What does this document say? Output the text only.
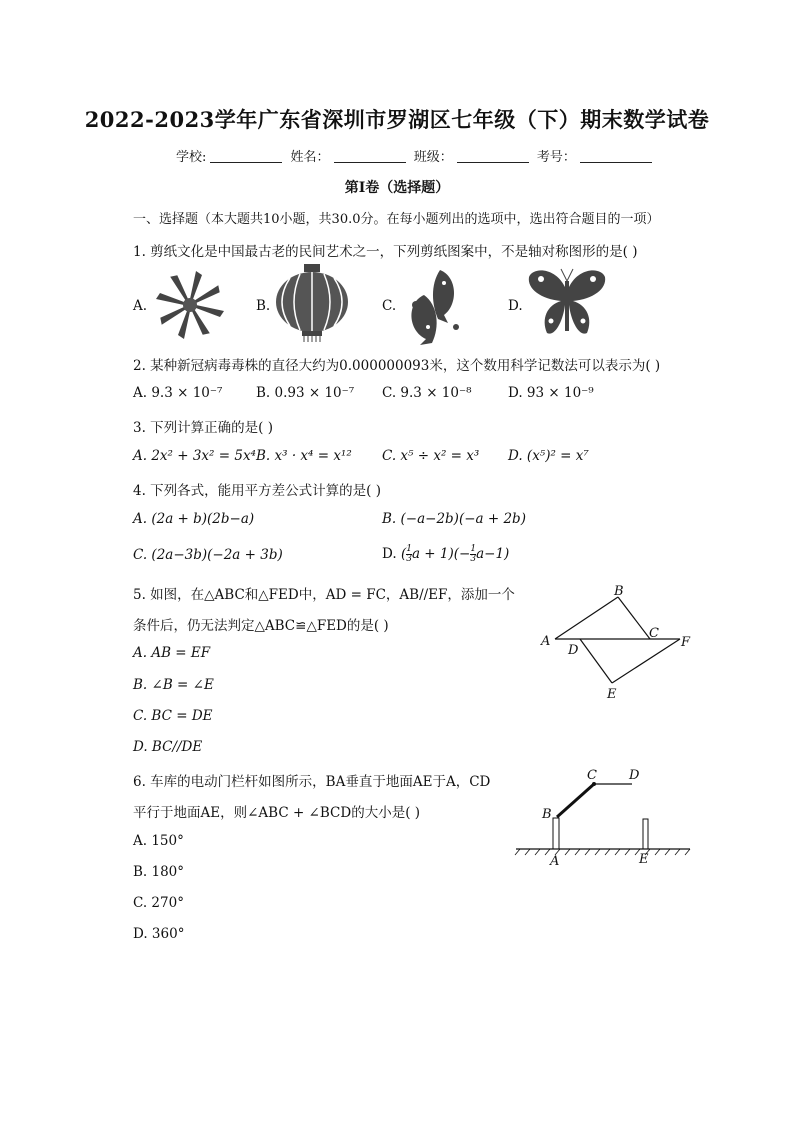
2022-2023学年广东省深圳市罗湖区七年级（下）期末数学试卷
学校:	姓名：	班级：	考号：
第I卷（选择题）
一、选择题（本大题共10小题，共30.0分。在每小题列出的选项中，选出符合题目的一项）
1. 剪纸文化是中国最古老的民间艺术之一，下列剪纸图案中，不是轴对称图形的是( )
A.	B.	C.	D.
2. 某种新冠病毒毒株的直径大约为0.000000093米，这个数用科学记数法可以表示为( )
A. 9.3 × 10⁻⁷ B. 0.93 × 10⁻⁷ C. 9.3 × 10⁻⁸	D. 93 × 10⁻⁹
3. 下列计算正确的是( )
A. 2x² + 3x² = 5x⁴ B. x³ · x⁴ = x¹² C. x⁵ ÷ x² = x³ D. (x⁵)² = x⁷
4. 下列各式，能用平方差公式计算的是( )
A. (2a + b)(2b−a)	B. (−a−2b)(−a + 2b)
C. (2a−3b)(−2a + 3b)	D. ( $\frac{1}{3}$ $a + 1)(- \frac{1}{3} a-1)$
5. 如图，在△ABC和△FED中，AD = FC，AB//EF，添加一个
条件后，仍无法判定△ABC≌△FED的是( )
A. AB = EF
B. ∠B = ∠E
C. BC = DE
D. BC//DE
A
B
C
D
E
F
6. 车库的电动门栏杆如图所示，BA垂直于地面AE于A，CD
平行于地面AE，则∠ABC + ∠BCD的大小是( )
A. 150°
B. 180°
C. 270°
D. 360°
C D
B
A	E
